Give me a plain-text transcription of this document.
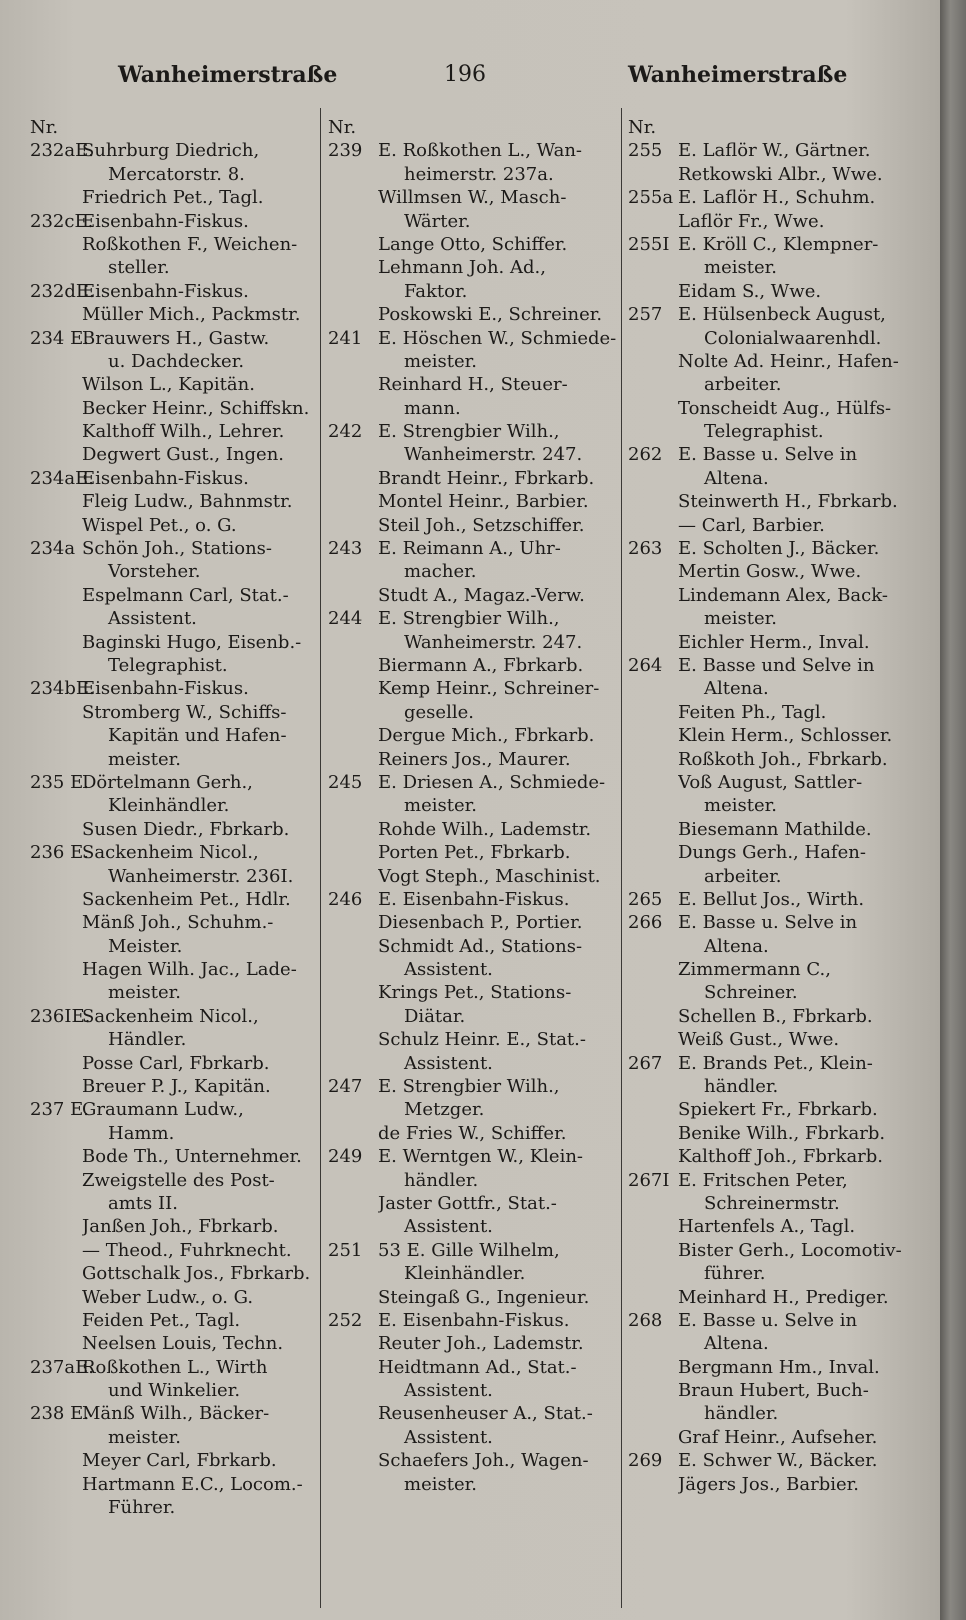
Wanheimerstraße	196	Wanheimerstraße
Nr.
232aE.
Suhrburg Diedrich,
Mercatorstr. 8.
Friedrich Pet., Tagl.
232cE.
Eisenbahn-Fiskus.
Roßkothen F., Weichen-
steller.
232dE.
Eisenbahn-Fiskus.
Müller Mich., Packmstr.
234 E.
Brauwers H., Gastw.
u. Dachdecker.
Wilson L., Kapitän.
Becker Heinr., Schiffskn.
Kalthoff Wilh., Lehrer.
Degwert Gust., Ingen.
234aE.
Eisenbahn-Fiskus.
Fleig Ludw., Bahnmstr.
Wispel Pet., o. G.
234a Schön Joh., Stations-
Vorsteher.
Espelmann Carl, Stat.-
Assistent.
Baginski Hugo, Eisenb.-
Telegraphist.
234bE.
Eisenbahn-Fiskus.
Stromberg W., Schiffs-
Kapitän und Hafen-
meister.
235 E.
Dörtelmann Gerh.,
Kleinhändler.
Susen Diedr., Fbrkarb.
236 E.
Sackenheim Nicol.,
Wanheimerstr. 236I.
Sackenheim Pet., Hdlr.
Mänß Joh., Schuhm.-
Meister.
Hagen Wilh. Jac., Lade-
meister.
236IE.
Sackenheim Nicol.,
Händler.
Posse Carl, Fbrkarb.
Breuer P. J., Kapitän.
237 E.
Graumann Ludw.,
Hamm.
Bode Th., Unternehmer.
Zweigstelle des Post-
amts II.
Janßen Joh., Fbrkarb.
— Theod., Fuhrknecht.
Gottschalk Jos., Fbrkarb.
Weber Ludw., o. G.
Feiden Pet., Tagl.
Neelsen Louis, Techn.
237aE.
Roßkothen L., Wirth
und Winkelier.
238 E.
Mänß Wilh., Bäcker-
meister.
Meyer Carl, Fbrkarb.
Hartmann E.C., Locom.-
Führer.
Nr.
239 E. Roßkothen L., Wan-
heimerstr. 237a.
Willmsen W., Masch-
Wärter.
Lange Otto, Schiffer.
Lehmann Joh. Ad.,
Faktor.
Poskowski E., Schreiner.
241 E. Höschen W., Schmiede-
meister.
Reinhard H., Steuer-
mann.
242 E. Strengbier Wilh.,
Wanheimerstr. 247.
Brandt Heinr., Fbrkarb.
Montel Heinr., Barbier.
Steil Joh., Setzschiffer.
243 E. Reimann A., Uhr-
macher.
Studt A., Magaz.-Verw.
244 E. Strengbier Wilh.,
Wanheimerstr. 247.
Biermann A., Fbrkarb.
Kemp Heinr., Schreiner-
geselle.
Dergue Mich., Fbrkarb.
Reiners Jos., Maurer.
245 E. Driesen A., Schmiede-
meister.
Rohde Wilh., Lademstr.
Porten Pet., Fbrkarb.
Vogt Steph., Maschinist.
246 E. Eisenbahn-Fiskus.
Diesenbach P., Portier.
Schmidt Ad., Stations-
Assistent.
Krings Pet., Stations-
Diätar.
Schulz Heinr. E., Stat.-
Assistent.
247 E. Strengbier Wilh.,
Metzger.
de Fries W., Schiffer.
249 E. Werntgen W., Klein-
händler.
Jaster Gottfr., Stat.-
Assistent.
251 53 E. Gille Wilhelm,
Kleinhändler.
Steingaß G., Ingenieur.
252 E. Eisenbahn-Fiskus.
Reuter Joh., Lademstr.
Heidtmann Ad., Stat.-
Assistent.
Reusenheuser A., Stat.-
Assistent.
Schaefers Joh., Wagen-
meister.
Nr.
255 E. Laflör W., Gärtner.
Retkowski Albr., Wwe.
255a E. Laflör H., Schuhm.
Laflör Fr., Wwe.
255I E. Kröll C., Klempner-
meister.
Eidam S., Wwe.
257 E. Hülsenbeck August,
Colonialwaarenhdl.
Nolte Ad. Heinr., Hafen-
arbeiter.
Tonscheidt Aug., Hülfs-
Telegraphist.
262 E. Basse u. Selve in
Altena.
Steinwerth H., Fbrkarb.
— Carl, Barbier.
263 E. Scholten J., Bäcker.
Mertin Gosw., Wwe.
Lindemann Alex, Back-
meister.
Eichler Herm., Inval.
264 E. Basse und Selve in
Altena.
Feiten Ph., Tagl.
Klein Herm., Schlosser.
Roßkoth Joh., Fbrkarb.
Voß August, Sattler-
meister.
Biesemann Mathilde.
Dungs Gerh., Hafen-
arbeiter.
265 E. Bellut Jos., Wirth.
266 E. Basse u. Selve in
Altena.
Zimmermann C.,
Schreiner.
Schellen B., Fbrkarb.
Weiß Gust., Wwe.
267 E. Brands Pet., Klein-
händler.
Spiekert Fr., Fbrkarb.
Benike Wilh., Fbrkarb.
Kalthoff Joh., Fbrkarb.
267I E. Fritschen Peter,
Schreinermstr.
Hartenfels A., Tagl.
Bister Gerh., Locomotiv-
führer.
Meinhard H., Prediger.
268 E. Basse u. Selve in
Altena.
Bergmann Hm., Inval.
Braun Hubert, Buch-
händler.
Graf Heinr., Aufseher.
269 E. Schwer W., Bäcker.
Jägers Jos., Barbier.
